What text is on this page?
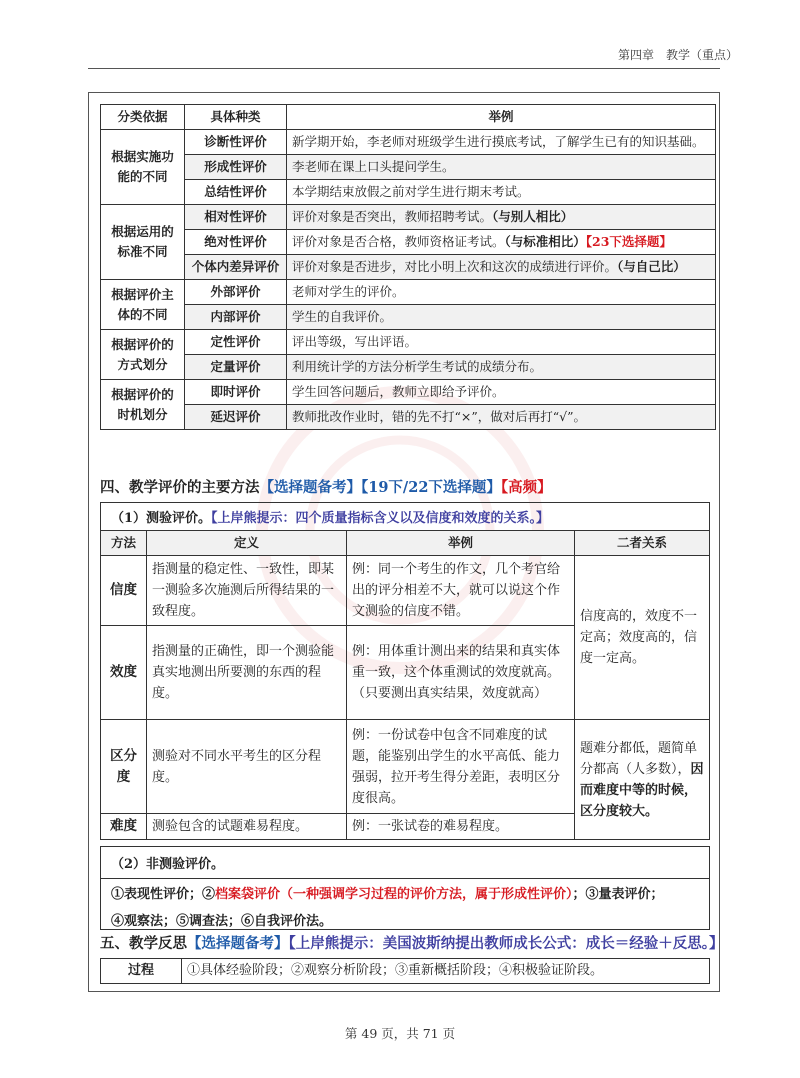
第四章　教学（重点）
分类依据	具体种类	举例
根据实施功能的不同	诊断性评价	新学期开始，李老师对班级学生进行摸底考试，了解学生已有的知识基础。
	形成性评价	李老师在课上口头提问学生。
	总结性评价	本学期结束放假之前对学生进行期末考试。
根据运用的标准不同	相对性评价	评价对象是否突出，教师招聘考试。（与别人相比）
	绝对性评价	评价对象是否合格，教师资格证考试。（与标准相比）【23下选择题】
	个体内差异评价	评价对象是否进步，对比小明上次和这次的成绩进行评价。（与自己比）
根据评价主体的不同	外部评价	老师对学生的评价。
	内部评价	学生的自我评价。
根据评价的方式划分	定性评价	评出等级，写出评语。
	定量评价	利用统计学的方法分析学生考试的成绩分布。
根据评价的时机划分	即时评价	学生回答问题后，教师立即给予评价。
	延迟评价	教师批改作业时，错的先不打“×”，做对后再打“√”。
四、教学评价的主要方法【选择题备考】【19下/22下选择题】【高频】
（1）测验评价。【上岸熊提示：四个质量指标含义以及信度和效度的关系。】
方法	定义	举例	二者关系
信度	指测量的稳定性、一致性，即某一测验多次施测后所得结果的一致程度。	例：同一个考生的作文，几个考官给出的评分相差不大，就可以说这个作文测验的信度不错。	信度高的，效度不一定高；效度高的，信度一定高。
效度	指测量的正确性，即一个测验能真实地测出所要测的东西的程度。	例：用体重计测出来的结果和真实体重一致，这个体重测试的效度就高。
（只要测出真实结果，效度就高）	

区分度	测验对不同水平考生的区分程度。	例：一份试卷中包含不同难度的试题，能鉴别出学生的水平高低、能力强弱，拉开考生得分差距，表明区分度很高。	题难分都低，题简单分都高（人多数），因而难度中等的时候，区分度较大。
难度	测验包含的试题难易程度。	例：一张试卷的难易程度。	
（2）非测验评价。
①表现性评价；②档案袋评价（一种强调学习过程的评价方法，属于形成性评价）；③量表评价；
④观察法；⑤调查法；⑥自我评价法。
五、教学反思【选择题备考】【上岸熊提示：美国波斯纳提出教师成长公式：成长＝经验＋反思。】
过程	①具体经验阶段；②观察分析阶段；③重新概括阶段；④积极验证阶段。
第 49 页，共 71 页
